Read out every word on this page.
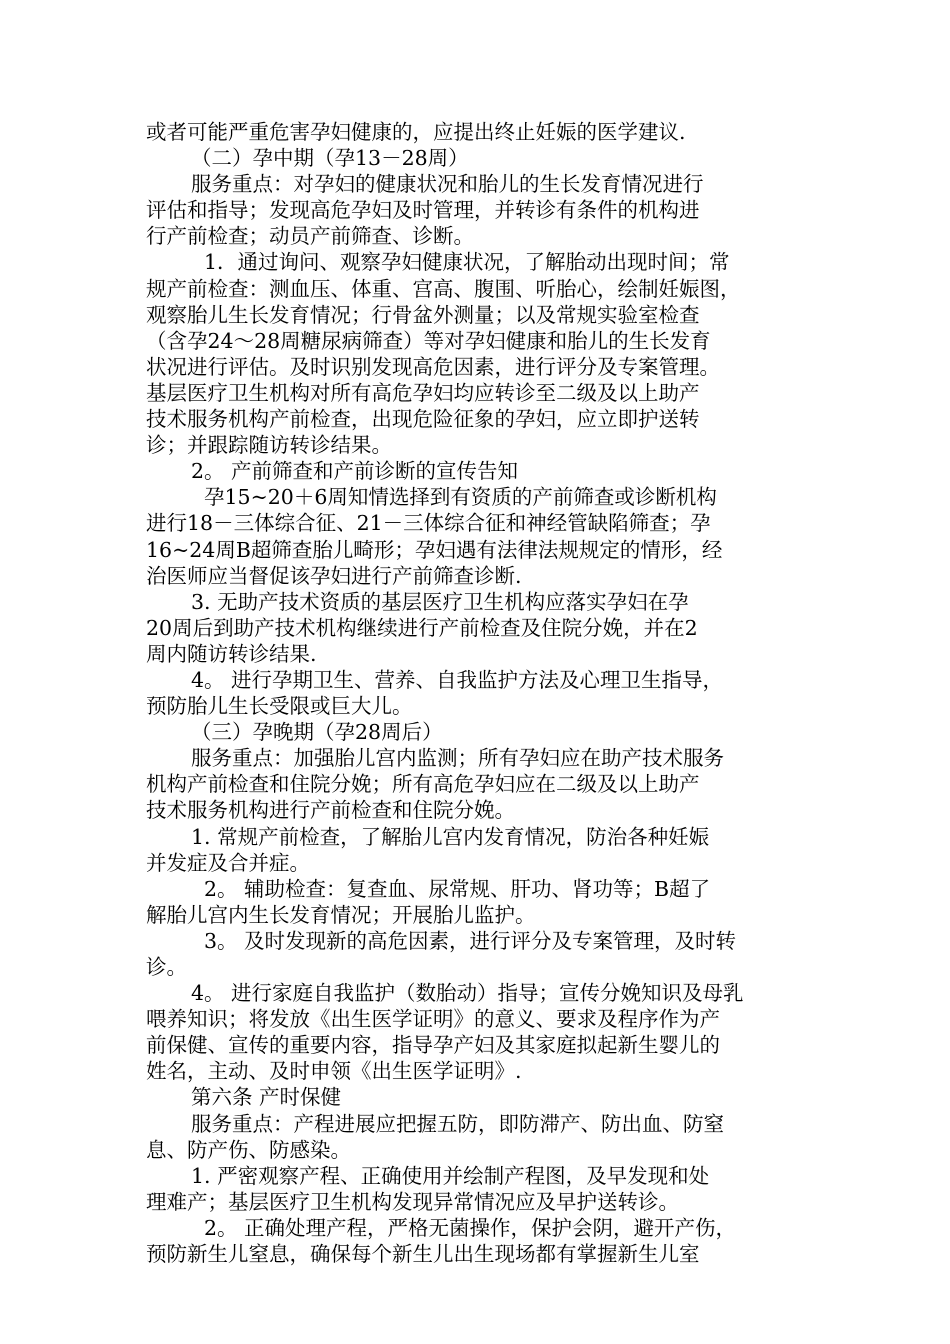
或者可能严重危害孕妇健康的，应提出终止妊娠的医学建议.
（二）孕中期（孕13－28周）
服务重点：对孕妇的健康状况和胎儿的生长发育情况进行
评估和指导；发现高危孕妇及时管理，并转诊有条件的机构进
行产前检查；动员产前筛查、诊断。
1．通过询问、观察孕妇健康状况，了解胎动出现时间；常
规产前检查：测血压、体重、宫高、腹围、听胎心，绘制妊娠图，
观察胎儿生长发育情况；行骨盆外测量；以及常规实验室检查
（含孕24～28周糖尿病筛查）等对孕妇健康和胎儿的生长发育
状况进行评估。及时识别发现高危因素，进行评分及专案管理。
基层医疗卫生机构对所有高危孕妇均应转诊至二级及以上助产
技术服务机构产前检查，出现危险征象的孕妇，应立即护送转
诊；并跟踪随访转诊结果。
2。 产前筛查和产前诊断的宣传告知
孕15~20＋6周知情选择到有资质的产前筛查或诊断机构
进行18－三体综合征、21－三体综合征和神经管缺陷筛查；孕
16~24周B超筛查胎儿畸形；孕妇遇有法律法规规定的情形，经
治医师应当督促该孕妇进行产前筛查诊断.
3. 无助产技术资质的基层医疗卫生机构应落实孕妇在孕
20周后到助产技术机构继续进行产前检查及住院分娩，并在2
周内随访转诊结果.
4。 进行孕期卫生、营养、自我监护方法及心理卫生指导，
预防胎儿生长受限或巨大儿。
（三）孕晚期（孕28周后）
服务重点：加强胎儿宫内监测；所有孕妇应在助产技术服务
机构产前检查和住院分娩；所有高危孕妇应在二级及以上助产
技术服务机构进行产前检查和住院分娩。
1. 常规产前检查，了解胎儿宫内发育情况，防治各种妊娠
并发症及合并症。
2。 辅助检查：复查血、尿常规、肝功、肾功等；B超了
解胎儿宫内生长发育情况；开展胎儿监护。
3。 及时发现新的高危因素，进行评分及专案管理，及时转
诊。
4。 进行家庭自我监护（数胎动）指导；宣传分娩知识及母乳
喂养知识；将发放《出生医学证明》的意义、要求及程序作为产
前保健、宣传的重要内容，指导孕产妇及其家庭拟起新生婴儿的
姓名，主动、及时申领《出生医学证明》.
第六条 产时保健
服务重点：产程进展应把握五防，即防滞产、防出血、防窒
息、防产伤、防感染。
1. 严密观察产程、正确使用并绘制产程图，及早发现和处
理难产；基层医疗卫生机构发现异常情况应及早护送转诊。
2。 正确处理产程，严格无菌操作，保护会阴，避开产伤，
预防新生儿窒息，确保每个新生儿出生现场都有掌握新生儿室
